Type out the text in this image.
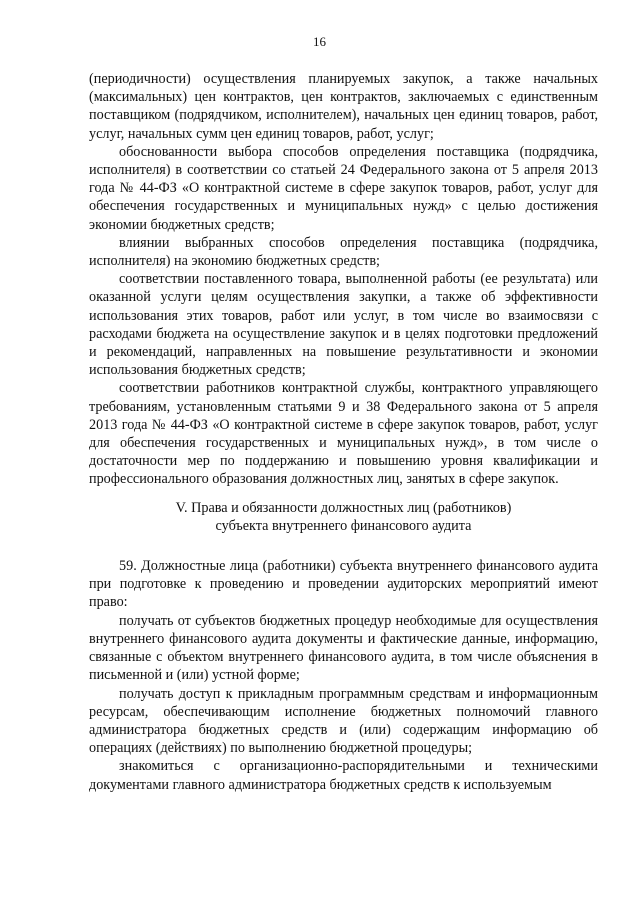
16

(периодичности) осуществления планируемых закупок, а также начальных (максимальных) цен контрактов, цен контрактов, заключаемых с единственным поставщиком (подрядчиком, исполнителем), начальных цен единиц товаров, работ, услуг, начальных сумм цен единиц товаров, работ, услуг;

обоснованности выбора способов определения поставщика (подрядчика, исполнителя) в соответствии со статьей 24 Федерального закона от 5 апреля 2013 года № 44-ФЗ «О контрактной системе в сфере закупок товаров, работ, услуг для обеспечения государственных и муниципальных нужд» с целью достижения экономии бюджетных средств;

влиянии выбранных способов определения поставщика (подрядчика, исполнителя) на экономию бюджетных средств;

соответствии поставленного товара, выполненной работы (ее результата) или оказанной услуги целям осуществления закупки, а также об эффективности использования этих товаров, работ или услуг, в том числе во взаимосвязи с расходами бюджета на осуществление закупок и в целях подготовки предложений и рекомендаций, направленных на повышение результативности и экономии использования бюджетных средств;

соответствии работников контрактной службы, контрактного управляющего требованиям, установленным статьями 9 и 38 Федерального закона от 5 апреля 2013 года № 44-ФЗ «О контрактной системе в сфере закупок товаров, работ, услуг для обеспечения государственных и муниципальных нужд», в том числе о достаточности мер по поддержанию и повышению уровня квалификации и профессионального образования должностных лиц, занятых в сфере закупок.

V. Права и обязанности должностных лиц (работников)
субъекта внутреннего финансового аудита

59. Должностные лица (работники) субъекта внутреннего финансового аудита при подготовке к проведению и проведении аудиторских мероприятий имеют право:

получать от субъектов бюджетных процедур необходимые для осуществления внутреннего финансового аудита документы и фактические данные, информацию, связанные с объектом внутреннего финансового аудита, в том числе объяснения в письменной и (или) устной форме;

получать доступ к прикладным программным средствам и информационным ресурсам, обеспечивающим исполнение бюджетных полномочий главного администратора бюджетных средств и (или) содержащим информацию об операциях (действиях) по выполнению бюджетной процедуры;

знакомиться с организационно-распорядительными и техническими документами главного администратора бюджетных средств к используемым
